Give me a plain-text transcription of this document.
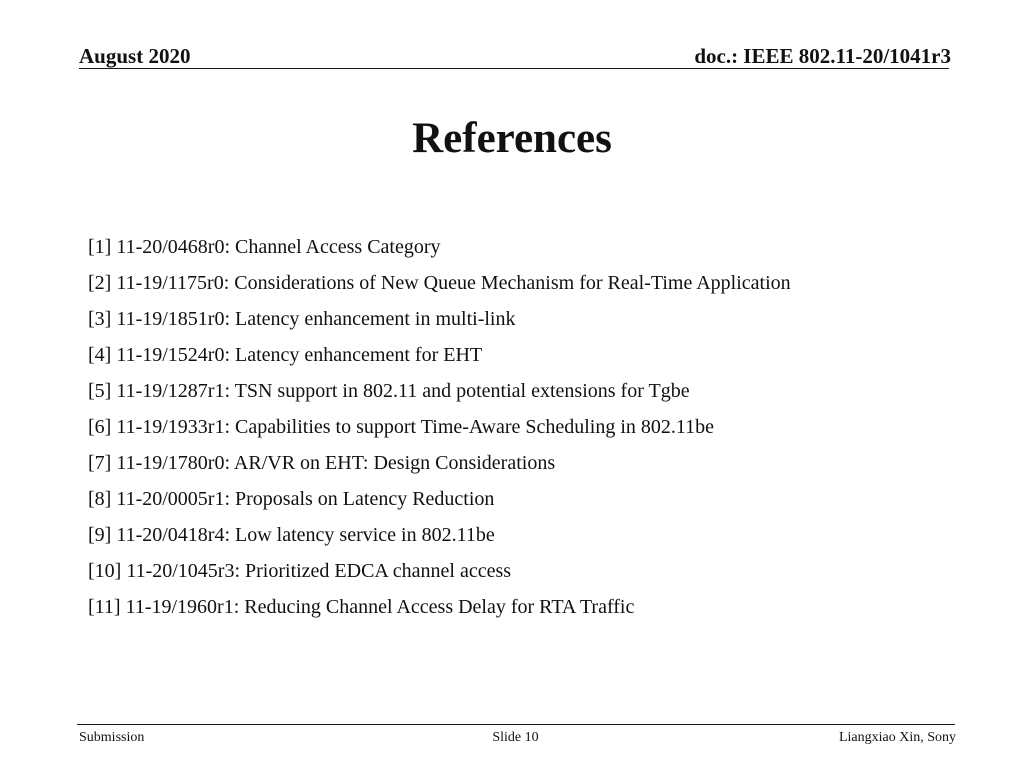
August 2020	doc.: IEEE 802.11-20/1041r3
References
[1] 11-20/0468r0: Channel Access Category
[2] 11-19/1175r0: Considerations of New Queue Mechanism for Real-Time Application
[3] 11-19/1851r0: Latency enhancement in multi-link
[4] 11-19/1524r0: Latency enhancement for EHT
[5] 11-19/1287r1: TSN support in 802.11 and potential extensions for Tgbe
[6] 11-19/1933r1: Capabilities to support Time-Aware Scheduling in 802.11be
[7] 11-19/1780r0: AR/VR on EHT: Design Considerations
[8] 11-20/0005r1: Proposals on Latency Reduction
[9] 11-20/0418r4: Low latency service in 802.11be
[10] 11-20/1045r3: Prioritized EDCA channel access
[11] 11-19/1960r1: Reducing Channel Access Delay for RTA Traffic
Submission	Slide 10	Liangxiao Xin, Sony
